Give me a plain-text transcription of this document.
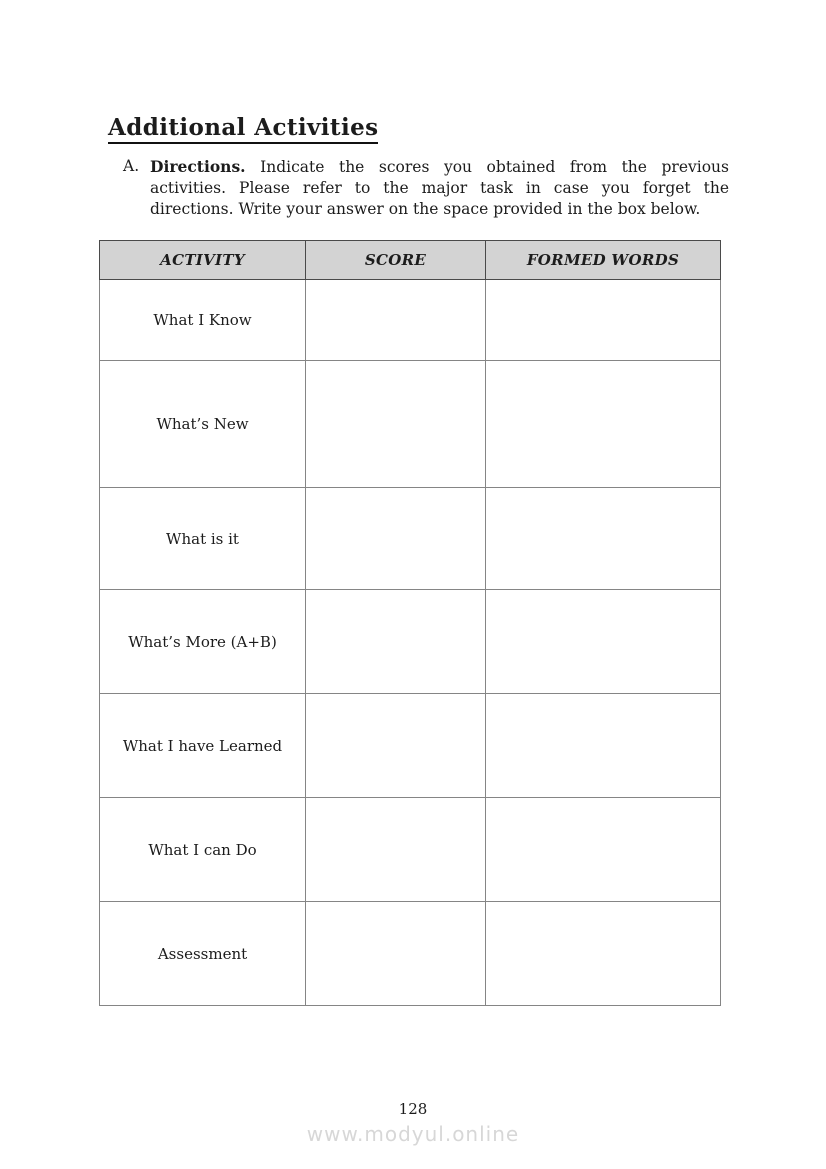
Additional Activities
A. Directions. Indicate the scores you obtained from the previous activities. Please refer to the major task in case you forget the directions. Write your answer on the space provided in the box below.

ACTIVITY	SCORE	FORMED WORDS
What I Know		
What’s New		
What is it		
What’s More (A+B)		
What I have Learned		
What I can Do		
Assessment		
128
www.modyul.online
